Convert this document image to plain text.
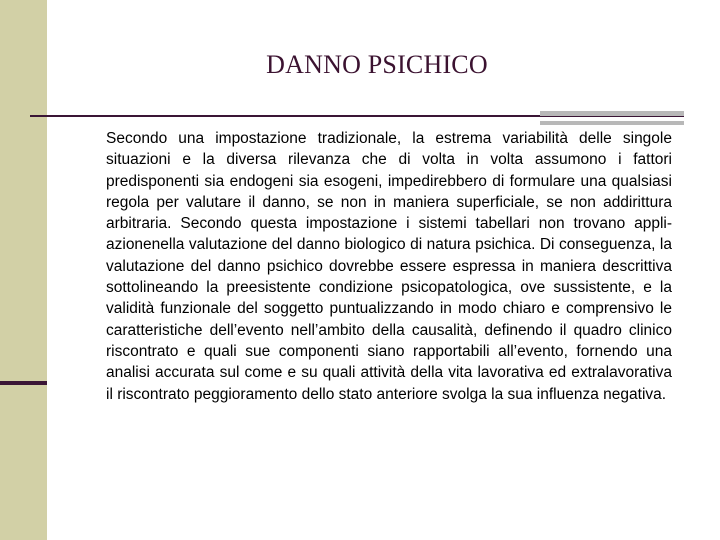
DANNO PSICHICO

Secondo una impostazione tradizionale, la estrema variabilità delle singole situazioni e la diversa rilevanza che di volta in volta assumono i fattori predisponenti sia endogeni sia esogeni, impedirebbero di formulare una qualsiasi regola per valutare il danno, se non in maniera superficiale, se non addirittura arbitraria. Secondo questa impostazione i sistemi tabellari non trovano appli-azionenella valutazione del danno biologico di natura psichica. Di conseguenza, la valutazione del danno psichico dovrebbe essere espressa in maniera descrittiva sottolineando la preesistente condizione psicopatologica, ove sussistente, e la validità funzionale del soggetto puntualizzando in modo chiaro e comprensivo le caratteristiche dell’evento nell’ambito della causalità, definendo il quadro clinico riscontrato e quali sue componenti siano rapportabili all’evento, fornendo una analisi accurata sul come e su quali attività della vita lavorativa ed extralavorativa il riscontrato peggioramento dello stato anteriore svolga la sua influenza negativa.
